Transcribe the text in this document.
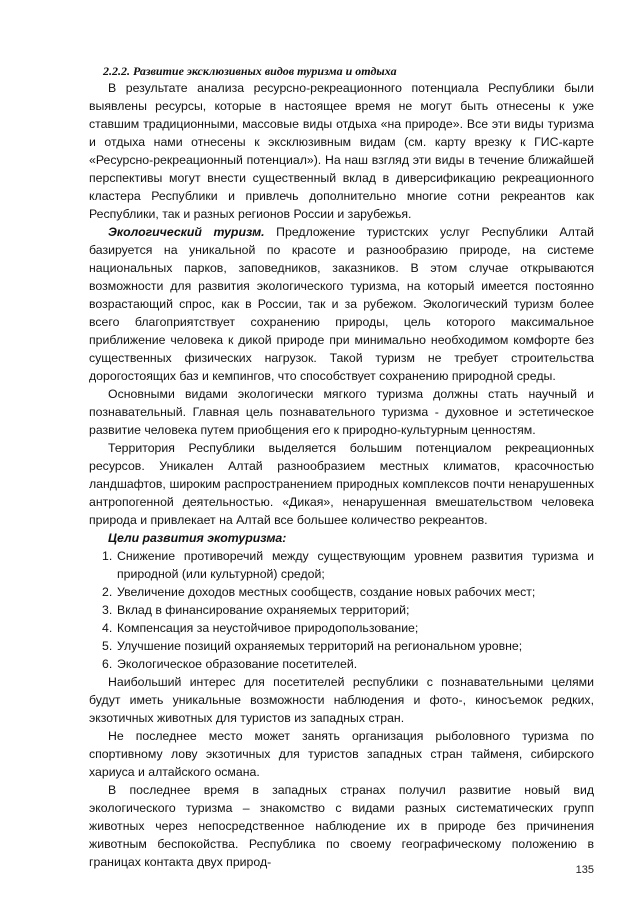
2.2.2. Развитие эксклюзивных видов туризма и отдыха

В результате анализа ресурсно-рекреационного потенциала Республики были выявлены ресурсы, которые в настоящее время не могут быть отнесены к уже ставшим традиционными, массовые виды отдыха «на природе». Все эти виды туризма и отдыха нами отнесены к эксклюзивным видам (см. карту врезку к ГИС-карте «Ресурсно-рекреационный потенциал»). На наш взгляд эти виды в течение ближайшей перспективы могут внести существенный вклад в диверсификацию рекреационного кластера Республики и привлечь дополнительно многие сотни рекреантов как Республики, так и разных регионов России и зарубежья.

Экологический туризм. Предложение туристских услуг Республики Алтай базируется на уникальной по красоте и разнообразию природе, на системе национальных парков, заповедников, заказников. В этом случае открываются возможности для развития экологического туризма, на который имеется постоянно возрастающий спрос, как в России, так и за рубежом. Экологический туризм более всего благоприятствует сохранению природы, цель которого максимальное приближение человека к дикой природе при минимально необходимом комфорте без существенных физических нагрузок. Такой туризм не требует строительства дорогостоящих баз и кемпингов, что способствует сохранению природной среды.

Основными видами экологически мягкого туризма должны стать научный и познавательный. Главная цель познавательного туризма - духовное и эстетическое развитие человека путем приобщения его к природно-культурным ценностям.

Территория Республики выделяется большим потенциалом рекреационных ресурсов. Уникален Алтай разнообразием местных климатов, красочностью ландшафтов, широким распространением природных комплексов почти ненарушенных антропогенной деятельностью. «Дикая», ненарушенная вмешательством человека природа и привлекает на Алтай все большее количество рекреантов.

Цели развития экотуризма:

1. Снижение противоречий между существующим уровнем развития туризма и природной (или культурной) средой;
2. Увеличение доходов местных сообществ, создание новых рабочих мест;
3. Вклад в финансирование охраняемых территорий;
4. Компенсация за неустойчивое природопользование;
5. Улучшение позиций охраняемых территорий на региональном уровне;
6. Экологическое образование посетителей.

Наибольший интерес для посетителей республики с познавательными целями будут иметь уникальные возможности наблюдения и фото-, киносъемок редких, экзотичных животных для туристов из западных стран.

Не последнее место может занять организация рыболовного туризма по спортивному лову экзотичных для туристов западных стран тайменя, сибирского хариуса и алтайского османа.

В последнее время в западных странах получил развитие новый вид экологического туризма – знакомство с видами разных систематических групп животных через непосредственное наблюдение их в природе без причинения животным беспокойства. Республика по своему географическому положению в границах контакта двух природ-

135
